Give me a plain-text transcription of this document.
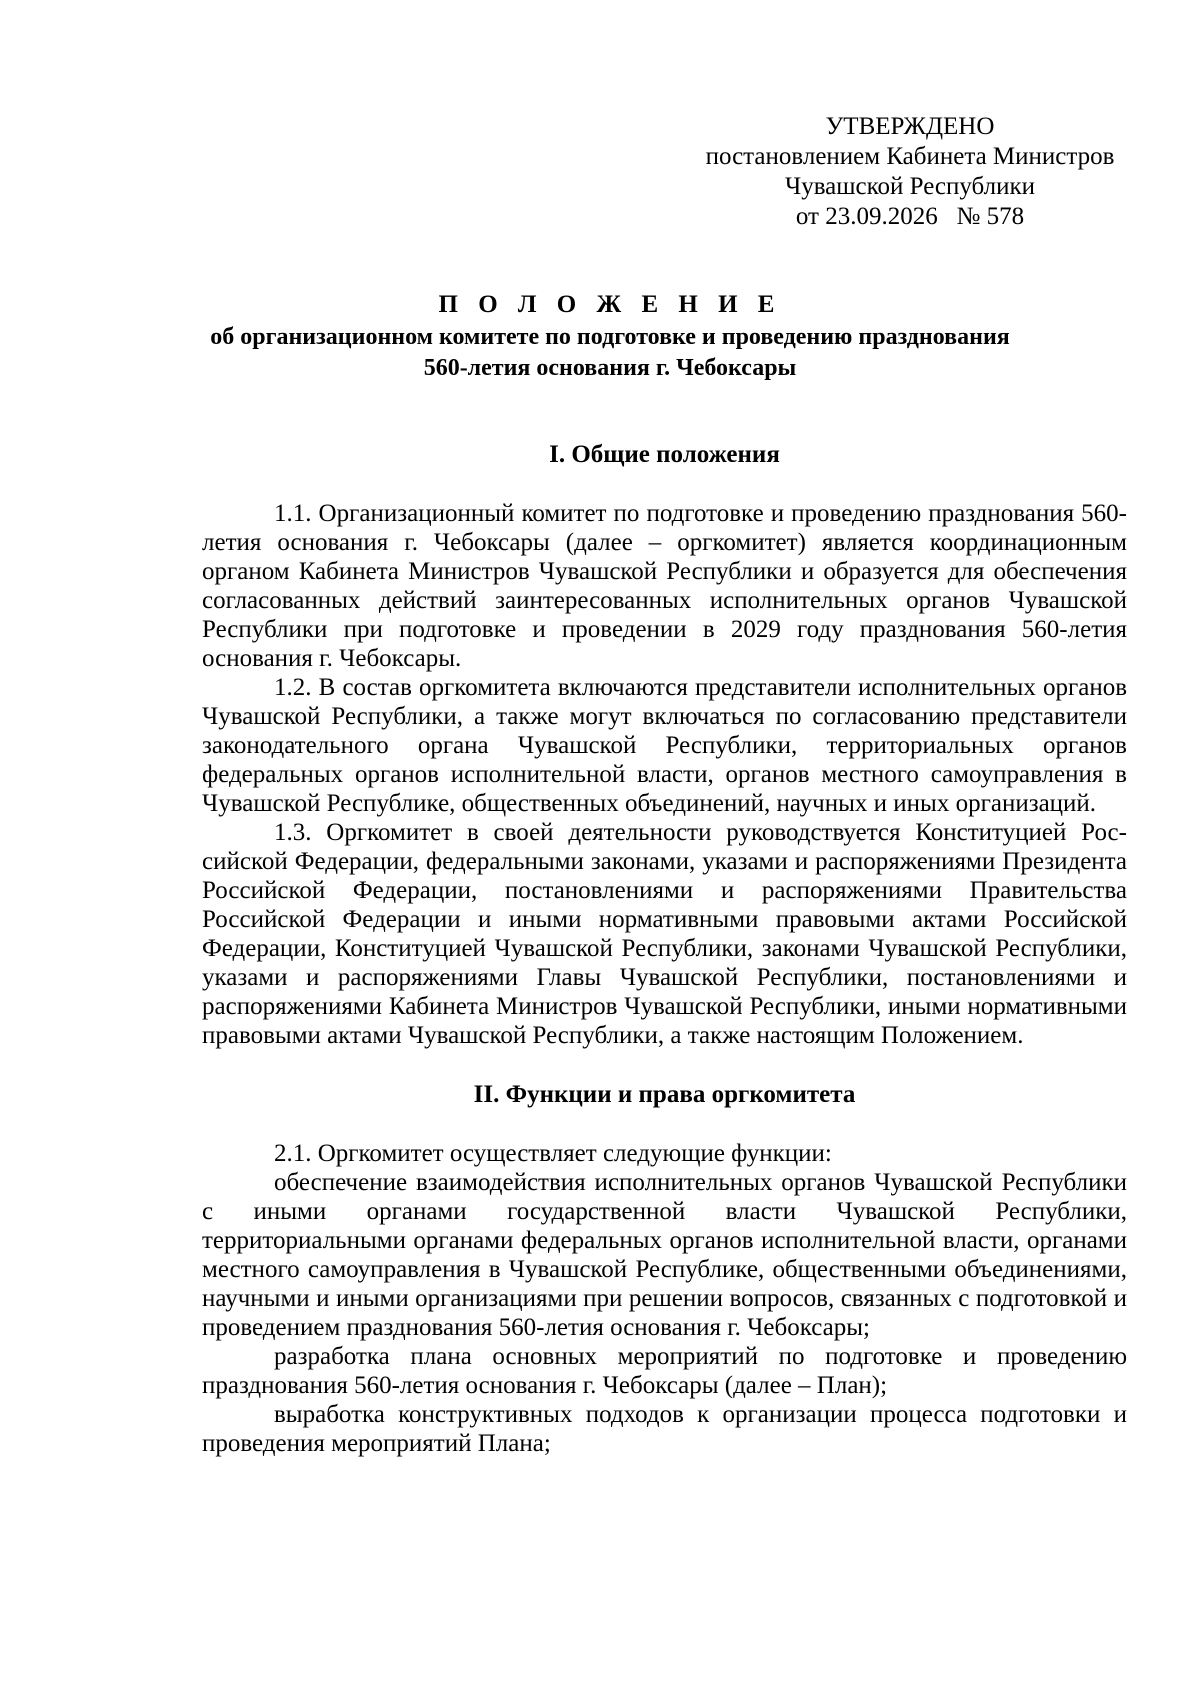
УТВЕРЖДЕНО
постановлением Кабинета Министров
Чувашской Республики
от 23.09.2026   № 578
П О Л О Ж Е Н И Е
об организационном комитете по подготовке и проведению празднования
560-летия основания г. Чебоксары

I. Общие положения

1.1. Организационный комитет по подготовке и проведению празднования 560-летия основания г. Чебоксары (далее – оргкомитет) является координационным органом Кабинета Министров Чувашской Республики и образуется для обеспечения согласованных действий заинтересованных исполнительных органов Чувашской Республики при подготовке и проведении в 2029 году празднования 560-летия основания г. Чебоксары.

1.2. В состав оргкомитета включаются представители исполнительных органов Чувашской Республики, а также могут включаться по согласованию представители законодательного органа Чувашской Республики, территориальных органов федеральных органов исполнительной власти, органов местного самоуправления в Чувашской Республике, общественных объединений, научных и иных организаций.

1.3. Оргкомитет в своей деятельности руководствуется Конституцией Российской Федерации, федеральными законами, указами и распоряжениями Президента Российской Федерации, постановлениями и распоряжениями Правительства Российской Федерации и иными нормативными правовыми актами Российской Федерации, Конституцией Чувашской Республики, законами Чувашской Республики, указами и распоряжениями Главы Чувашской Республики, постановлениями и распоряжениями Кабинета Министров Чувашской Республики, иными нормативными правовыми актами Чувашской Республики, а также настоящим Положением.

II. Функции и права оргкомитета

2.1. Оргкомитет осуществляет следующие функции:

обеспечение взаимодействия исполнительных органов Чувашской Республики с иными органами государственной власти Чувашской Республики, территориальными органами федеральных органов исполнительной власти, органами местного самоуправления в Чувашской Республике, общественными объединениями, научными и иными организациями при решении вопросов, связанных с подготовкой и проведением празднования 560-летия основания г. Чебоксары;

разработка плана основных мероприятий по подготовке и проведению празднования 560-летия основания г. Чебоксары (далее – План);

выработка конструктивных подходов к организации процесса подготовки и проведения мероприятий Плана;
